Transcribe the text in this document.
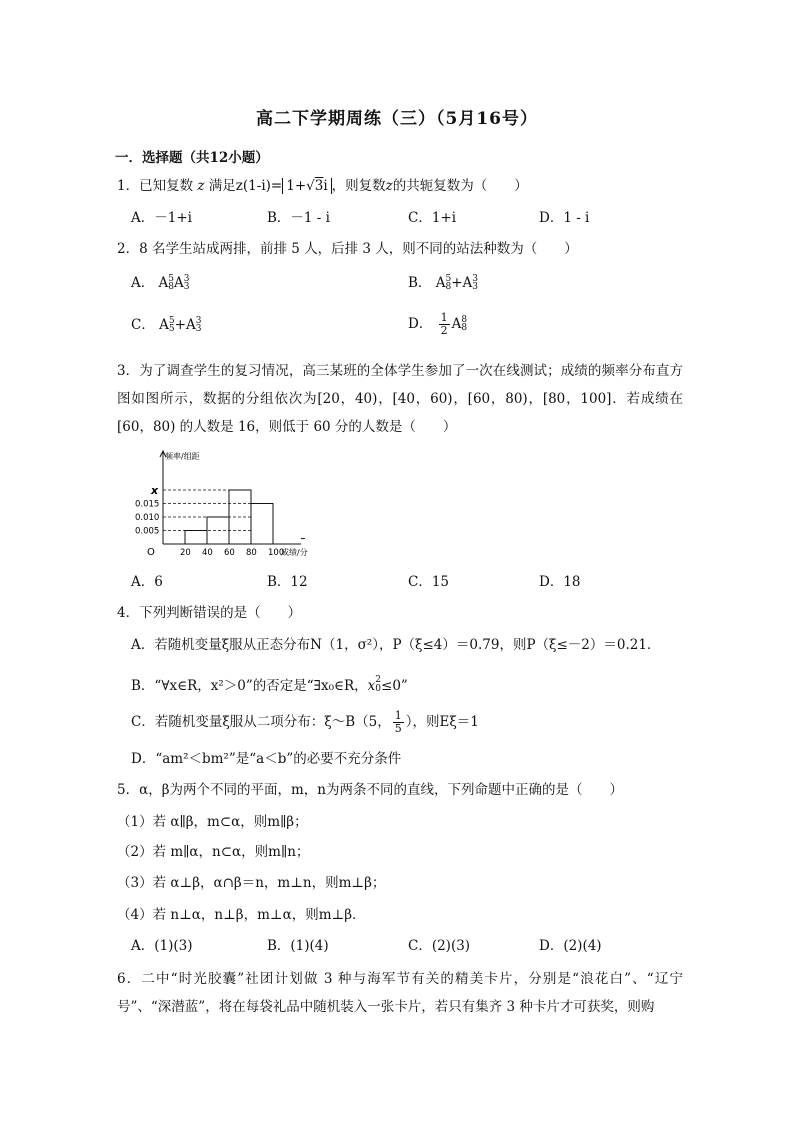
高二下学期周练（三）（5月16号）
一．选择题（共12小题）
1．已知复数 z 满足z(1-i)= 1+√3i ，则复数z的共轭复数为（　　）
A．－1+i	B．－1 - i	C．1+i	D．1 - i
2．8 名学生站成两排，前排 5 人，后排 3 人，则不同的站法种数为（　　）
A． A 5
8 A 3
3	B． A 5
8 +A 3
3
C． A 5
5 +A 3
3	D． $\frac{1}{2}$ A 8
8
3．为了调查学生的复习情况，高三某班的全体学生参加了一次在线测试；成绩的频率分布直方图如图所示，数据的分组依次为[20，40)，[40，60)，[60，80)，[80，100]．若成绩在[60，80) 的人数是 16，则低于 60 分的人数是（　　）
O
频率/组距
成绩/分
0.005
0.010
0.015
x
20 40 60 80 100
A．6	B．12	C．15	D．18
4．下列判断错误的是（　　）
A．若随机变量ξ服从正态分布N（1，σ²），P（ξ≤4）＝0.79，则P（ξ≤－2）＝0.21．
B．“∀x∈R，x²＞0”的否定是“∃x₀∈R，x 2
0 ≤0”
C．若随机变量ξ服从二项分布：ξ～B（5， $\frac{1}{5}$ ），则Eξ＝1
D．“am²＜bm²”是“a＜b”的必要不充分条件
5．α，β为两个不同的平面，m，n为两条不同的直线，下列命题中正确的是（　　）
（1）若 α∥β，m⊂α，则m∥β；
（2）若 m∥α，n⊂α，则m∥n；
（3）若 α⊥β，α∩β＝n，m⊥n，则m⊥β；
（4）若 n⊥α，n⊥β，m⊥α，则m⊥β．
A．(1)(3)	B．(1)(4)	C．(2)(3)	D．(2)(4)
6．二中“时光胶囊”社团计划做 3 种与海军节有关的精美卡片，分别是“浪花白”、“辽宁号”、“深潜蓝”，将在每袋礼品中随机装入一张卡片，若只有集齐 3 种卡片才可获奖，则购
